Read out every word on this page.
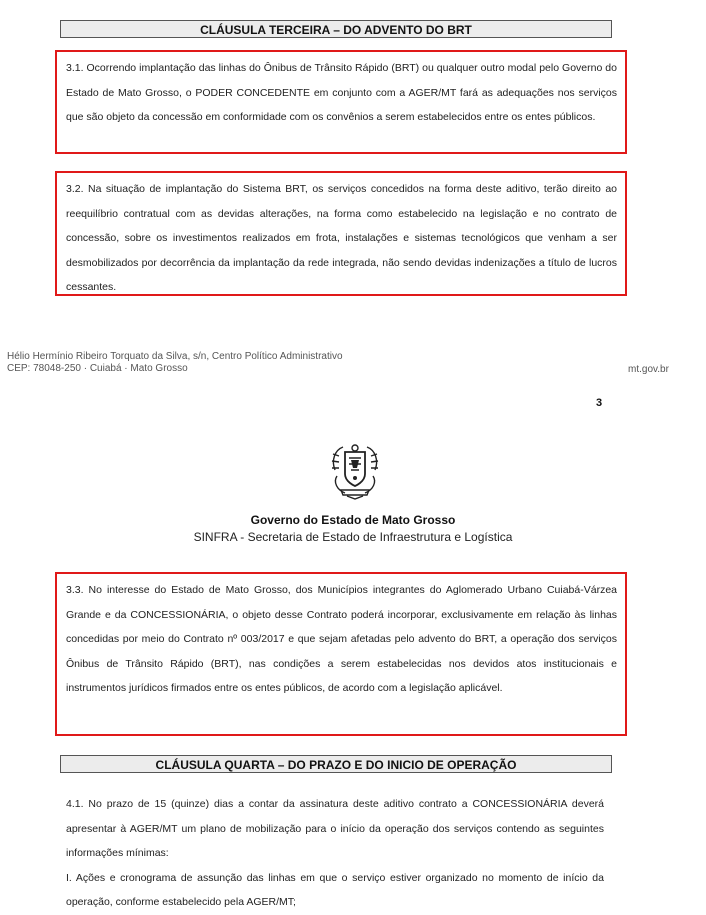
CLÁUSULA TERCEIRA – DO ADVENTO DO BRT

3.1. Ocorrendo implantação das linhas do Ônibus de Trânsito Rápido (BRT) ou qualquer outro modal pelo Governo do Estado de Mato Grosso, o PODER CONCEDENTE em conjunto com a AGER/MT fará as adequações nos serviços que são objeto da concessão em conformidade com os convênios a serem estabelecidos entre os entes públicos.

3.2. Na situação de implantação do Sistema BRT, os serviços concedidos na forma deste aditivo, terão direito ao reequilíbrio contratual com as devidas alterações, na forma como estabelecido na legislação e no contrato de concessão, sobre os investimentos realizados em frota, instalações e sistemas tecnológicos que venham a ser desmobilizados por decorrência da implantação da rede integrada, não sendo devidas indenizações a título de lucros cessantes.

Hélio Hermínio Ribeiro Torquato da Silva, s/n, Centro Político Administrativo
CEP: 78048-250 · Cuiabá · Mato Grosso	mt.gov.br
3
Governo do Estado de Mato Grosso
SINFRA - Secretaria de Estado de Infraestrutura e Logística

3.3. No interesse do Estado de Mato Grosso, dos Municípios integrantes do Aglomerado Urbano Cuiabá-Várzea Grande e da CONCESSIONÁRIA, o objeto desse Contrato poderá incorporar, exclusivamente em relação às linhas concedidas por meio do Contrato nº 003/2017 e que sejam afetadas pelo advento do BRT, a operação dos serviços Ônibus de Trânsito Rápido (BRT), nas condições a serem estabelecidas nos devidos atos institucionais e instrumentos jurídicos firmados entre os entes públicos, de acordo com a legislação aplicável.

CLÁUSULA QUARTA – DO PRAZO E DO INICIO DE OPERAÇÃO

4.1. No prazo de 15 (quinze) dias a contar da assinatura deste aditivo contrato a CONCESSIONÁRIA deverá apresentar à AGER/MT um plano de mobilização para o início da operação dos serviços contendo as seguintes informações mínimas:

I. Ações e cronograma de assunção das linhas em que o serviço estiver organizado no momento de início da operação, conforme estabelecido pela AGER/MT;
